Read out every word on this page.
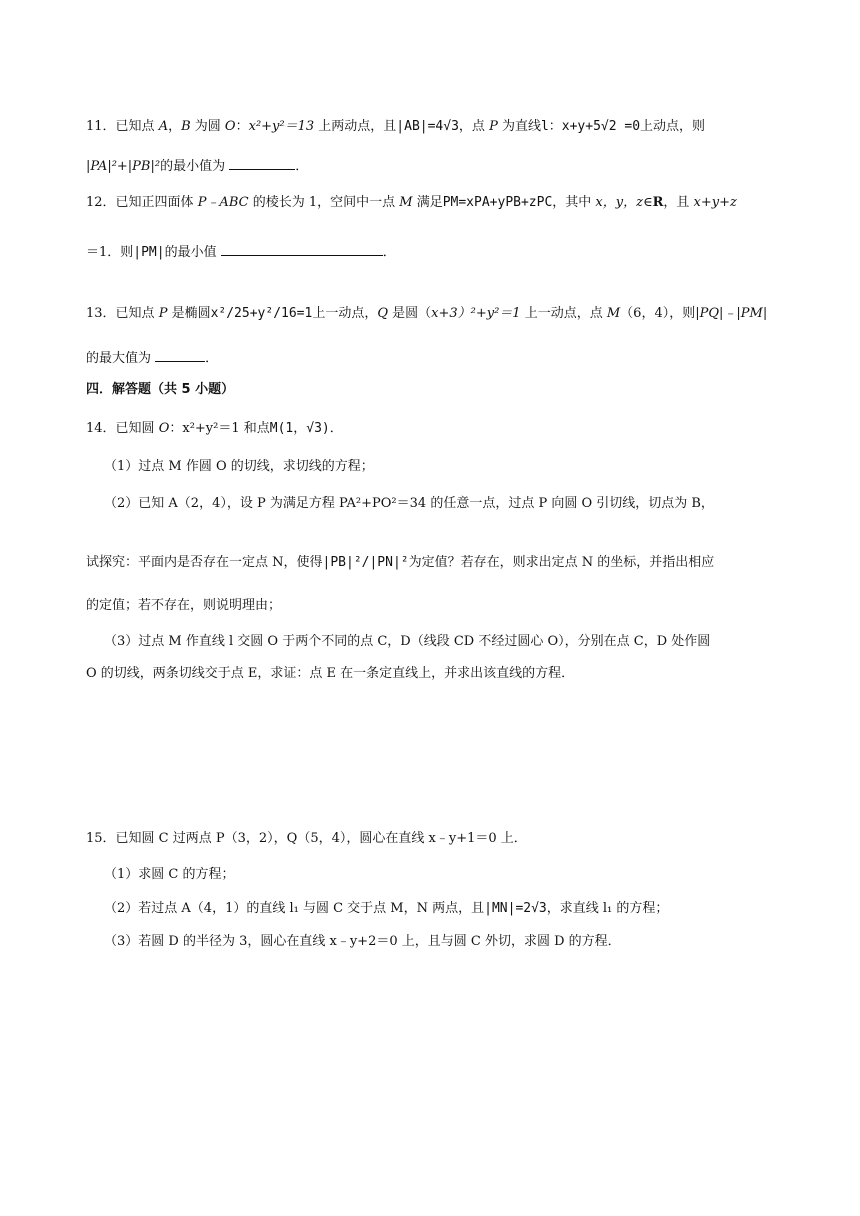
11．已知点 A，B 为圆 O：x²+y²＝13 上两动点，且|AB|=4√3，点 P 为直线l：x+y+5√2 =0上动点，则
|PA|²+|PB|²的最小值为	．
12．已知正四面体 P﹣ABC 的棱长为 1，空间中一点 M 满足PM=xPA+yPB+zPC，其中 x，y，z∈R，且 x+y+z
＝1．则|PM|的最小值	．
13．已知点 P 是椭圆x²/25+y²/16=1上一动点，Q 是圆（x+3）²+y²＝1 上一动点，点 M（6，4），则|PQ|﹣|PM|
的最大值为	．
四．解答题（共 5 小题）
14．已知圆 O：x²+y²＝1 和点M(1，√3)．
（1）过点 M 作圆 O 的切线，求切线的方程；
（2）已知 A（2，4），设 P 为满足方程 PA²+PO²＝34 的任意一点，过点 P 向圆 O 引切线，切点为 B，
试探究：平面内是否存在一定点 N，使得|PB|²/|PN|²为定值？若存在，则求出定点 N 的坐标，并指出相应
的定值；若不存在，则说明理由；
（3）过点 M 作直线 l 交圆 O 于两个不同的点 C，D（线段 CD 不经过圆心 O），分别在点 C，D 处作圆
O 的切线，两条切线交于点 E，求证：点 E 在一条定直线上，并求出该直线的方程．
15．已知圆 C 过两点 P（3，2），Q（5，4），圆心在直线 x﹣y+1＝0 上．
（1）求圆 C 的方程；
（2）若过点 A（4，1）的直线 l₁ 与圆 C 交于点 M，N 两点，且|MN|=2√3，求直线 l₁ 的方程；
（3）若圆 D 的半径为 3，圆心在直线 x﹣y+2＝0 上，且与圆 C 外切，求圆 D 的方程．
